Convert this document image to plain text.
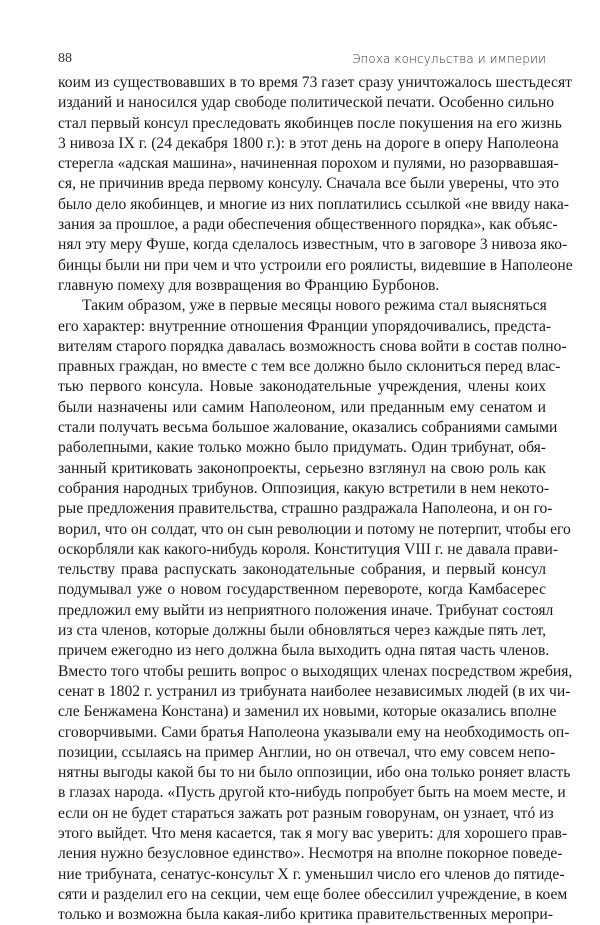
88	Эпоха консульства и империи
коим из существовавших в то время 73 газет сразу уничтожалось шестьдесят
изданий и наносился удар свободе политической печати. Особенно сильно
стал первый консул преследовать якобинцев после покушения на его жизнь
3 нивоза IX г. (24 декабря 1800 г.): в этот день на дороге в оперу Наполеона
стерегла «адская машина», начиненная порохом и пулями, но разорвавшая-
ся, не причинив вреда первому консулу. Сначала все были уверены, что это
было дело якобинцев, и многие из них поплатились ссылкой «не ввиду нака-
зания за прошлое, а ради обеспечения общественного порядка», как объяс-
нял эту меру Фуше, когда сделалось известным, что в заговоре 3 нивоза яко-
бинцы были ни при чем и что устроили его роялисты, видевшие в Наполеоне
главную помеху для возвращения во Францию Бурбонов.
Таким образом, уже в первые месяцы нового режима стал выясняться
его характер: внутренние отношения Франции упорядочивались, предста-
вителям старого порядка давалась возможность снова войти в состав полно-
правных граждан, но вместе с тем все должно было склониться перед влас-
тью первого консула. Новые законодательные учреждения, члены коих
были назначены или самим Наполеоном, или преданным ему сенатом и
стали получать весьма большое жалование, оказались собраниями самыми
раболепными, какие только можно было придумать. Один трибунат, обя-
занный критиковать законопроекты, серьезно взглянул на свою роль как
собрания народных трибунов. Оппозиция, какую встретили в нем некото-
рые предложения правительства, страшно раздражала Наполеона, и он го-
ворил, что он солдат, что он сын революции и потому не потерпит, чтобы его
оскорбляли как какого-нибудь короля. Конституция VIII г. не давала прави-
тельству права распускать законодательные собрания, и первый консул
подумывал уже о новом государственном перевороте, когда Камбасерес
предложил ему выйти из неприятного положения иначе. Трибунат состоял
из ста членов, которые должны были обновляться через каждые пять лет,
причем ежегодно из него должна была выходить одна пятая часть членов.
Вместо того чтобы решить вопрос о выходящих членах посредством жребия,
сенат в 1802 г. устранил из трибуната наиболее независимых людей (в их чи-
сле Бенжамена Констана) и заменил их новыми, которые оказались вполне
сговорчивыми. Сами братья Наполеона указывали ему на необходимость оп-
позиции, ссылаясь на пример Англии, но он отвечал, что ему совсем непо-
нятны выгоды какой бы то ни было оппозиции, ибо она только роняет власть
в глазах народа. «Пусть другой кто-нибудь попробует быть на моем месте, и
если он не будет стараться зажать рот разным говорунам, он узнает, чтó из
этого выйдет. Что меня касается, так я могу вас уверить: для хорошего прав-
ления нужно безусловное единство». Несмотря на вполне покорное поведе-
ние трибуната, сенатус-консульт X г. уменьшил число его членов до пятиде-
сяти и разделил его на секции, чем еще более обессилил учреждение, в коем
только и возможна была какая-либо критика правительственных меропри-
